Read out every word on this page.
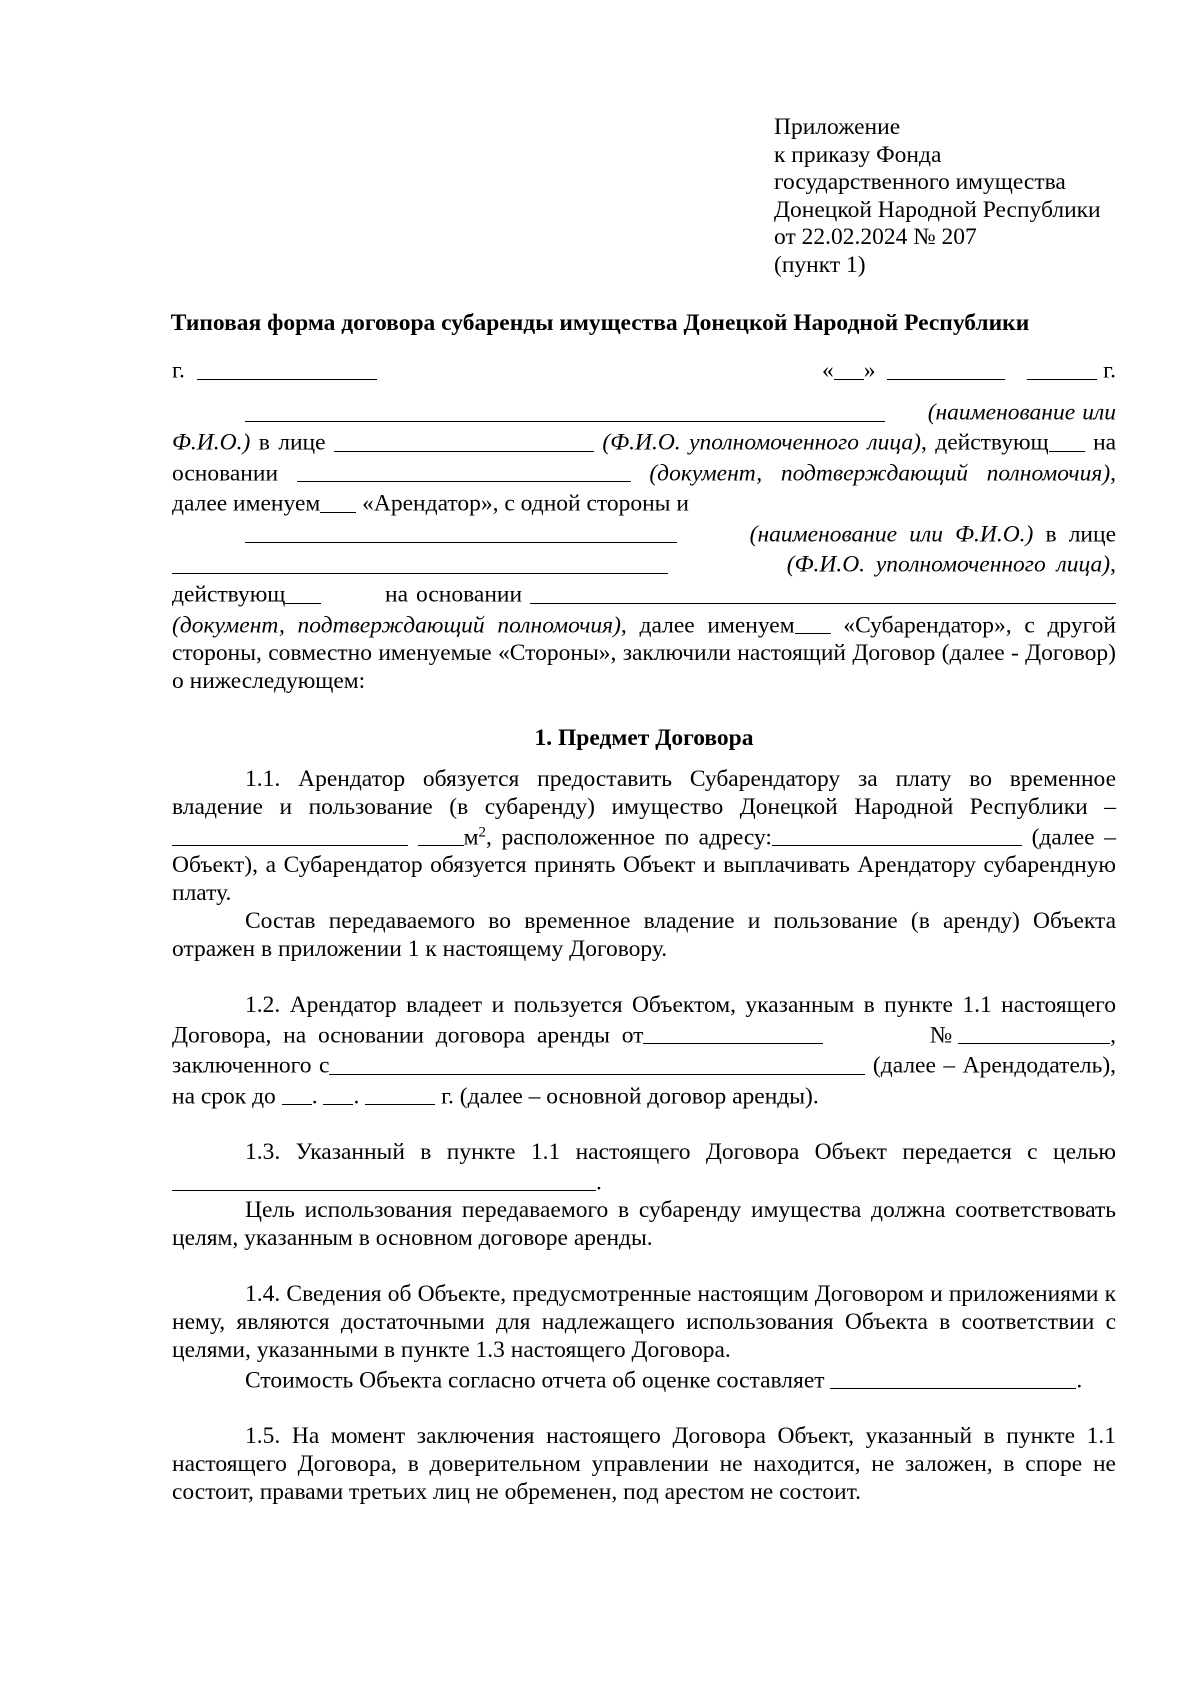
Приложение
к приказу Фонда
государственного имущества
Донецкой Народной Республики
от 22.02.2024 № 207
(пункт 1)
Типовая форма договора субаренды имущества Донецкой Народной Республики
г.	« »	г.
(наименование или Ф.И.О.) в лице	(Ф.И.О. уполномоченного лица), действующ на основании	(документ, подтверждающий полномочия), далее именуем «Арендатор», с одной стороны и
(наименование или Ф.И.О.) в лице            (Ф.И.О. уполномоченного лица), действующ	на основании  (документ, подтверждающий полномочия), далее именуем «Субарендатор», с другой стороны, совместно именуемые «Стороны», заключили настоящий Договор (далее - Договор) о нижеследующем:
1. Предмет Договора
1.1. Арендатор обязуется предоставить Субарендатору за плату во временное владение и пользование (в субаренду) имущество Донецкой Народной Республики –  $м^2$, расположенное по адресу:	(далее – Объект), а Субарендатор обязуется принять Объект и выплачивать Арендатору субарендную плату.
Состав передаваемого во временное владение и пользование (в аренду) Объекта отражен в приложении 1 к настоящему Договору.
1.2. Арендатор владеет и пользуется Объектом, указанным в пункте 1.1 настоящего Договора, на основании договора аренды от	№	, заключенного с	(далее – Арендодатель), на срок до . .	г. (далее – основной договор аренды).
1.3. Указанный в пункте 1.1 настоящего Договора Объект передается с целью
.
Цель использования передаваемого в субаренду имущества должна соответствовать целям, указанным в основном договоре аренды.
1.4. Сведения об Объекте, предусмотренные настоящим Договором и приложениями к нему, являются достаточными для надлежащего использования Объекта в соответствии с целями, указанными в пункте 1.3 настоящего Договора.
Стоимость Объекта согласно отчета об оценке составляет	.
1.5. На момент заключения настоящего Договора Объект, указанный в пункте 1.1 настоящего Договора, в доверительном управлении не находится, не заложен, в споре не состоит, правами третьих лиц не обременен, под арестом не состоит.
